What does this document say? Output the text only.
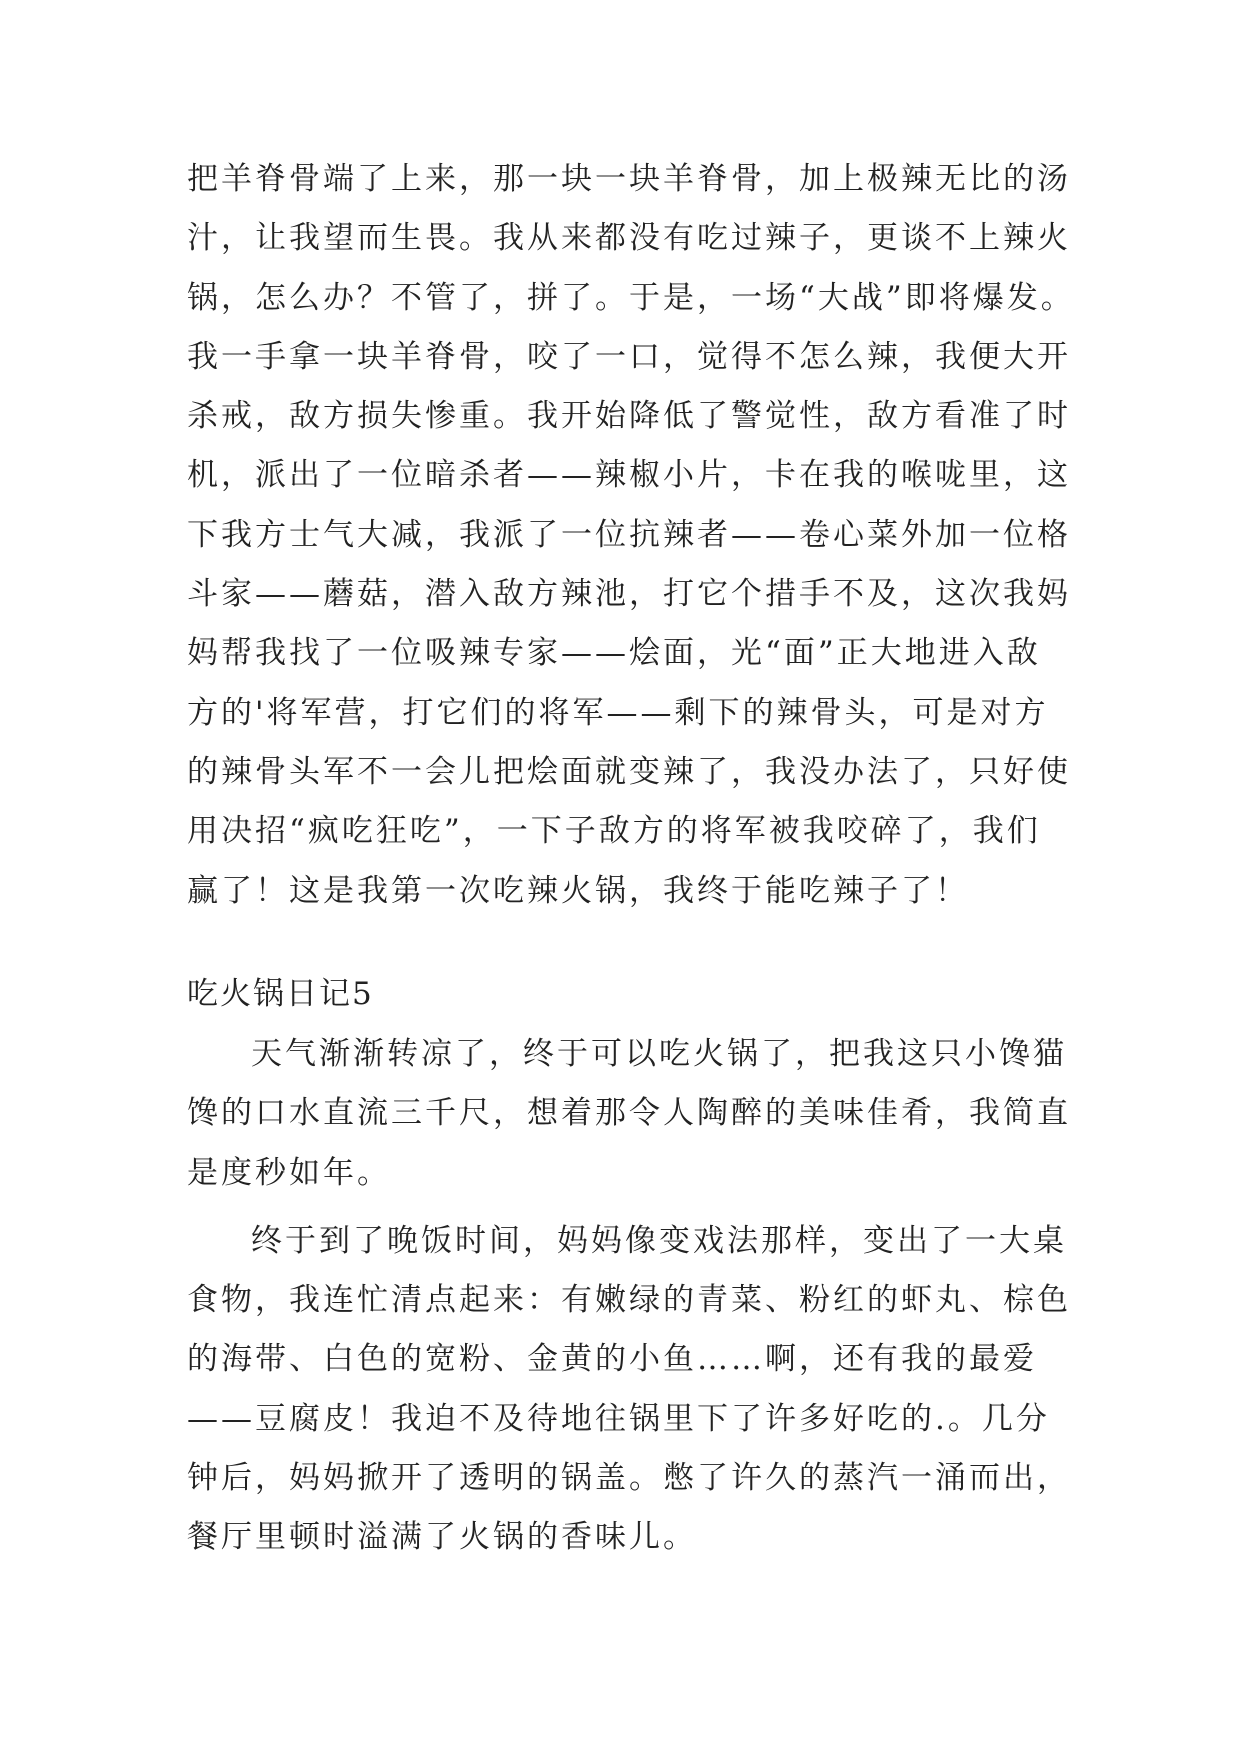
把羊脊骨端了上来，那一块一块羊脊骨，加上极辣无比的汤
汁，让我望而生畏。我从来都没有吃过辣子，更谈不上辣火
锅，怎么办？不管了，拼了。于是，一场“大战”即将爆发。
我一手拿一块羊脊骨，咬了一口，觉得不怎么辣，我便大开
杀戒，敌方损失惨重。我开始降低了警觉性，敌方看准了时
机，派出了一位暗杀者——辣椒小片，卡在我的喉咙里，这
下我方士气大减，我派了一位抗辣者——卷心菜外加一位格
斗家——蘑菇，潜入敌方辣池，打它个措手不及，这次我妈
妈帮我找了一位吸辣专家——烩面，光“面”正大地进入敌
方的'将军营，打它们的将军——剩下的辣骨头，可是对方
的辣骨头军不一会儿把烩面就变辣了，我没办法了，只好使
用决招“疯吃狂吃”，一下子敌方的将军被我咬碎了，我们
赢了！这是我第一次吃辣火锅，我终于能吃辣子了！
吃火锅日记5
天气渐渐转凉了，终于可以吃火锅了，把我这只小馋猫
馋的口水直流三千尺，想着那令人陶醉的美味佳肴，我简直
是度秒如年。
终于到了晚饭时间，妈妈像变戏法那样，变出了一大桌
食物，我连忙清点起来：有嫩绿的青菜、粉红的虾丸、棕色
的海带、白色的宽粉、金黄的小鱼……啊，还有我的最爱
——豆腐皮！我迫不及待地往锅里下了许多好吃的.。几分
钟后，妈妈掀开了透明的锅盖。憋了许久的蒸汽一涌而出，
餐厅里顿时溢满了火锅的香味儿。
